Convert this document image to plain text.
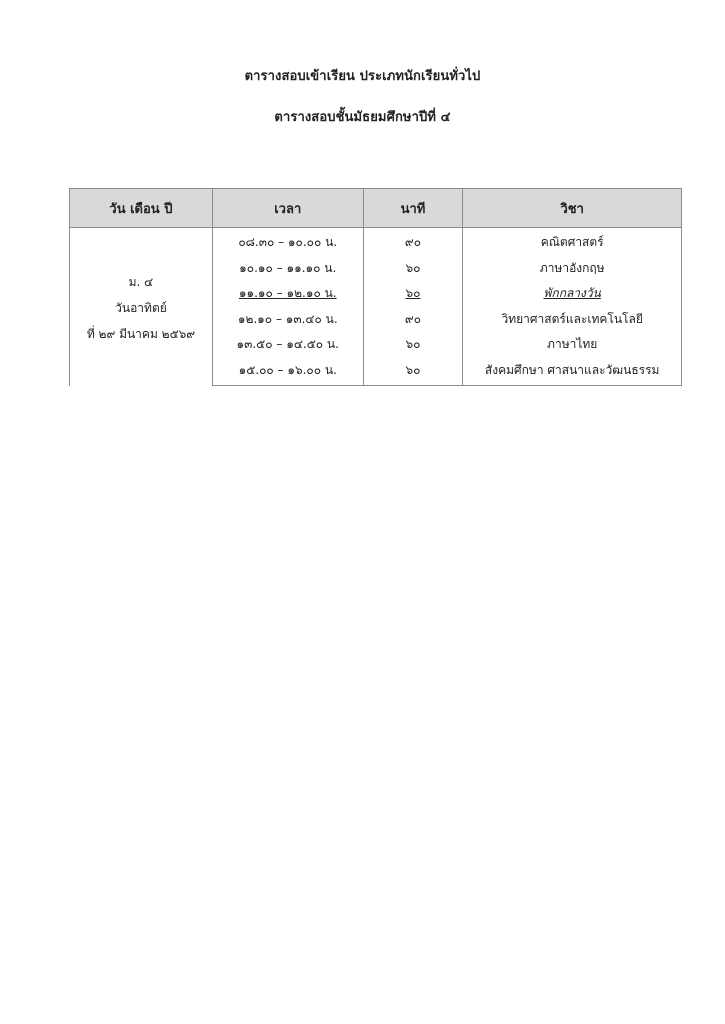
ตารางสอบเข้าเรียน ประเภทนักเรียนทั่วไป
ตารางสอบชั้นมัธยมศึกษาปีที่ ๔
วัน เดือน ปี	เวลา	นาที	วิชา

ม. ๔
วันอาทิตย์
ที่ ๒๙ มีนาคม ๒๕๖๙	๐๘.๓๐ – ๑๐.๐๐ น.	๙๐	คณิตศาสตร์
	๑๐.๑๐ – ๑๑.๑๐ น.	๖๐	ภาษาอังกฤษ
	๑๑.๑๐ – ๑๒.๑๐ น.	๖๐	พักกลางวัน
	๑๒.๑๐ – ๑๓.๔๐ น.	๙๐	วิทยาศาสตร์และเทคโนโลยี
	๑๓.๕๐ – ๑๔.๕๐ น.	๖๐	ภาษาไทย
	๑๕.๐๐ – ๑๖.๐๐ น.	๖๐	สังคมศึกษา ศาสนาและวัฒนธรรม
